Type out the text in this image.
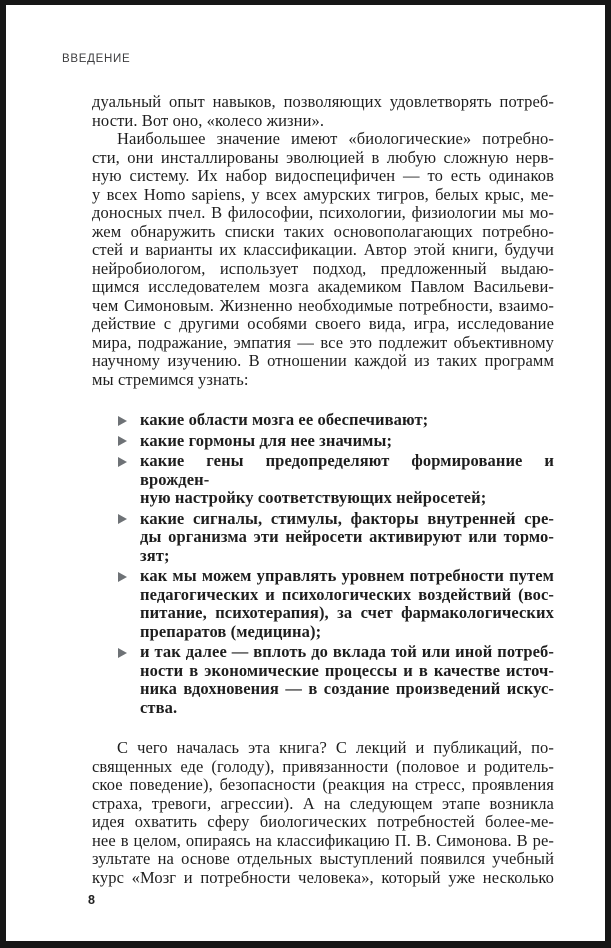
ВВЕДЕНИЕ
дуальный опыт навыков, позволяющих удовлетворять потреб-
ности. Вот оно, «колесо жизни».
Наибольшее значение имеют «биологические» потребно-
сти, они инсталлированы эволюцией в любую сложную нерв-
ную систему. Их набор видоспецифичен — то есть одинаков
у всех Homo sapiens, у всех амурских тигров, белых крыс, ме-
доносных пчел. В философии, психологии, физиологии мы мо-
жем обнаружить списки таких основополагающих потребно-
стей и варианты их классификации. Автор этой книги, будучи
нейробиологом, использует подход, предложенный выдаю-
щимся исследователем мозга академиком Павлом Васильеви-
чем Симоновым. Жизненно необходимые потребности, взаимо-
действие с другими особями своего вида, игра, исследование
мира, подражание, эмпатия — все это подлежит объективному
научному изучению. В отношении каждой из таких программ
мы стремимся узнать:
какие области мозга ее обеспечивают;
какие гормоны для нее значимы;
какие гены предопределяют формирование и врожден-
ную настройку соответствующих нейросетей;
какие сигналы, стимулы, факторы внутренней сре-
ды организма эти нейросети активируют или тормо-
зят;
как мы можем управлять уровнем потребности путем
педагогических и психологических воздействий (вос-
питание, психотерапия), за счет фармакологических
препаратов (медицина);
и так далее — вплоть до вклада той или иной потреб-
ности в экономические процессы и в качестве источ-
ника вдохновения — в создание произведений искус-
ства.
С чего началась эта книга? С лекций и публикаций, по-
священных еде (голоду), привязанности (половое и родитель-
ское поведение), безопасности (реакция на стресс, проявления
страха, тревоги, агрессии). А на следующем этапе возникла
идея охватить сферу биологических потребностей более-ме-
нее в целом, опираясь на классификацию П. В. Симонова. В ре-
зультате на основе отдельных выступлений появился учебный
курс «Мозг и потребности человека», который уже несколько
8
